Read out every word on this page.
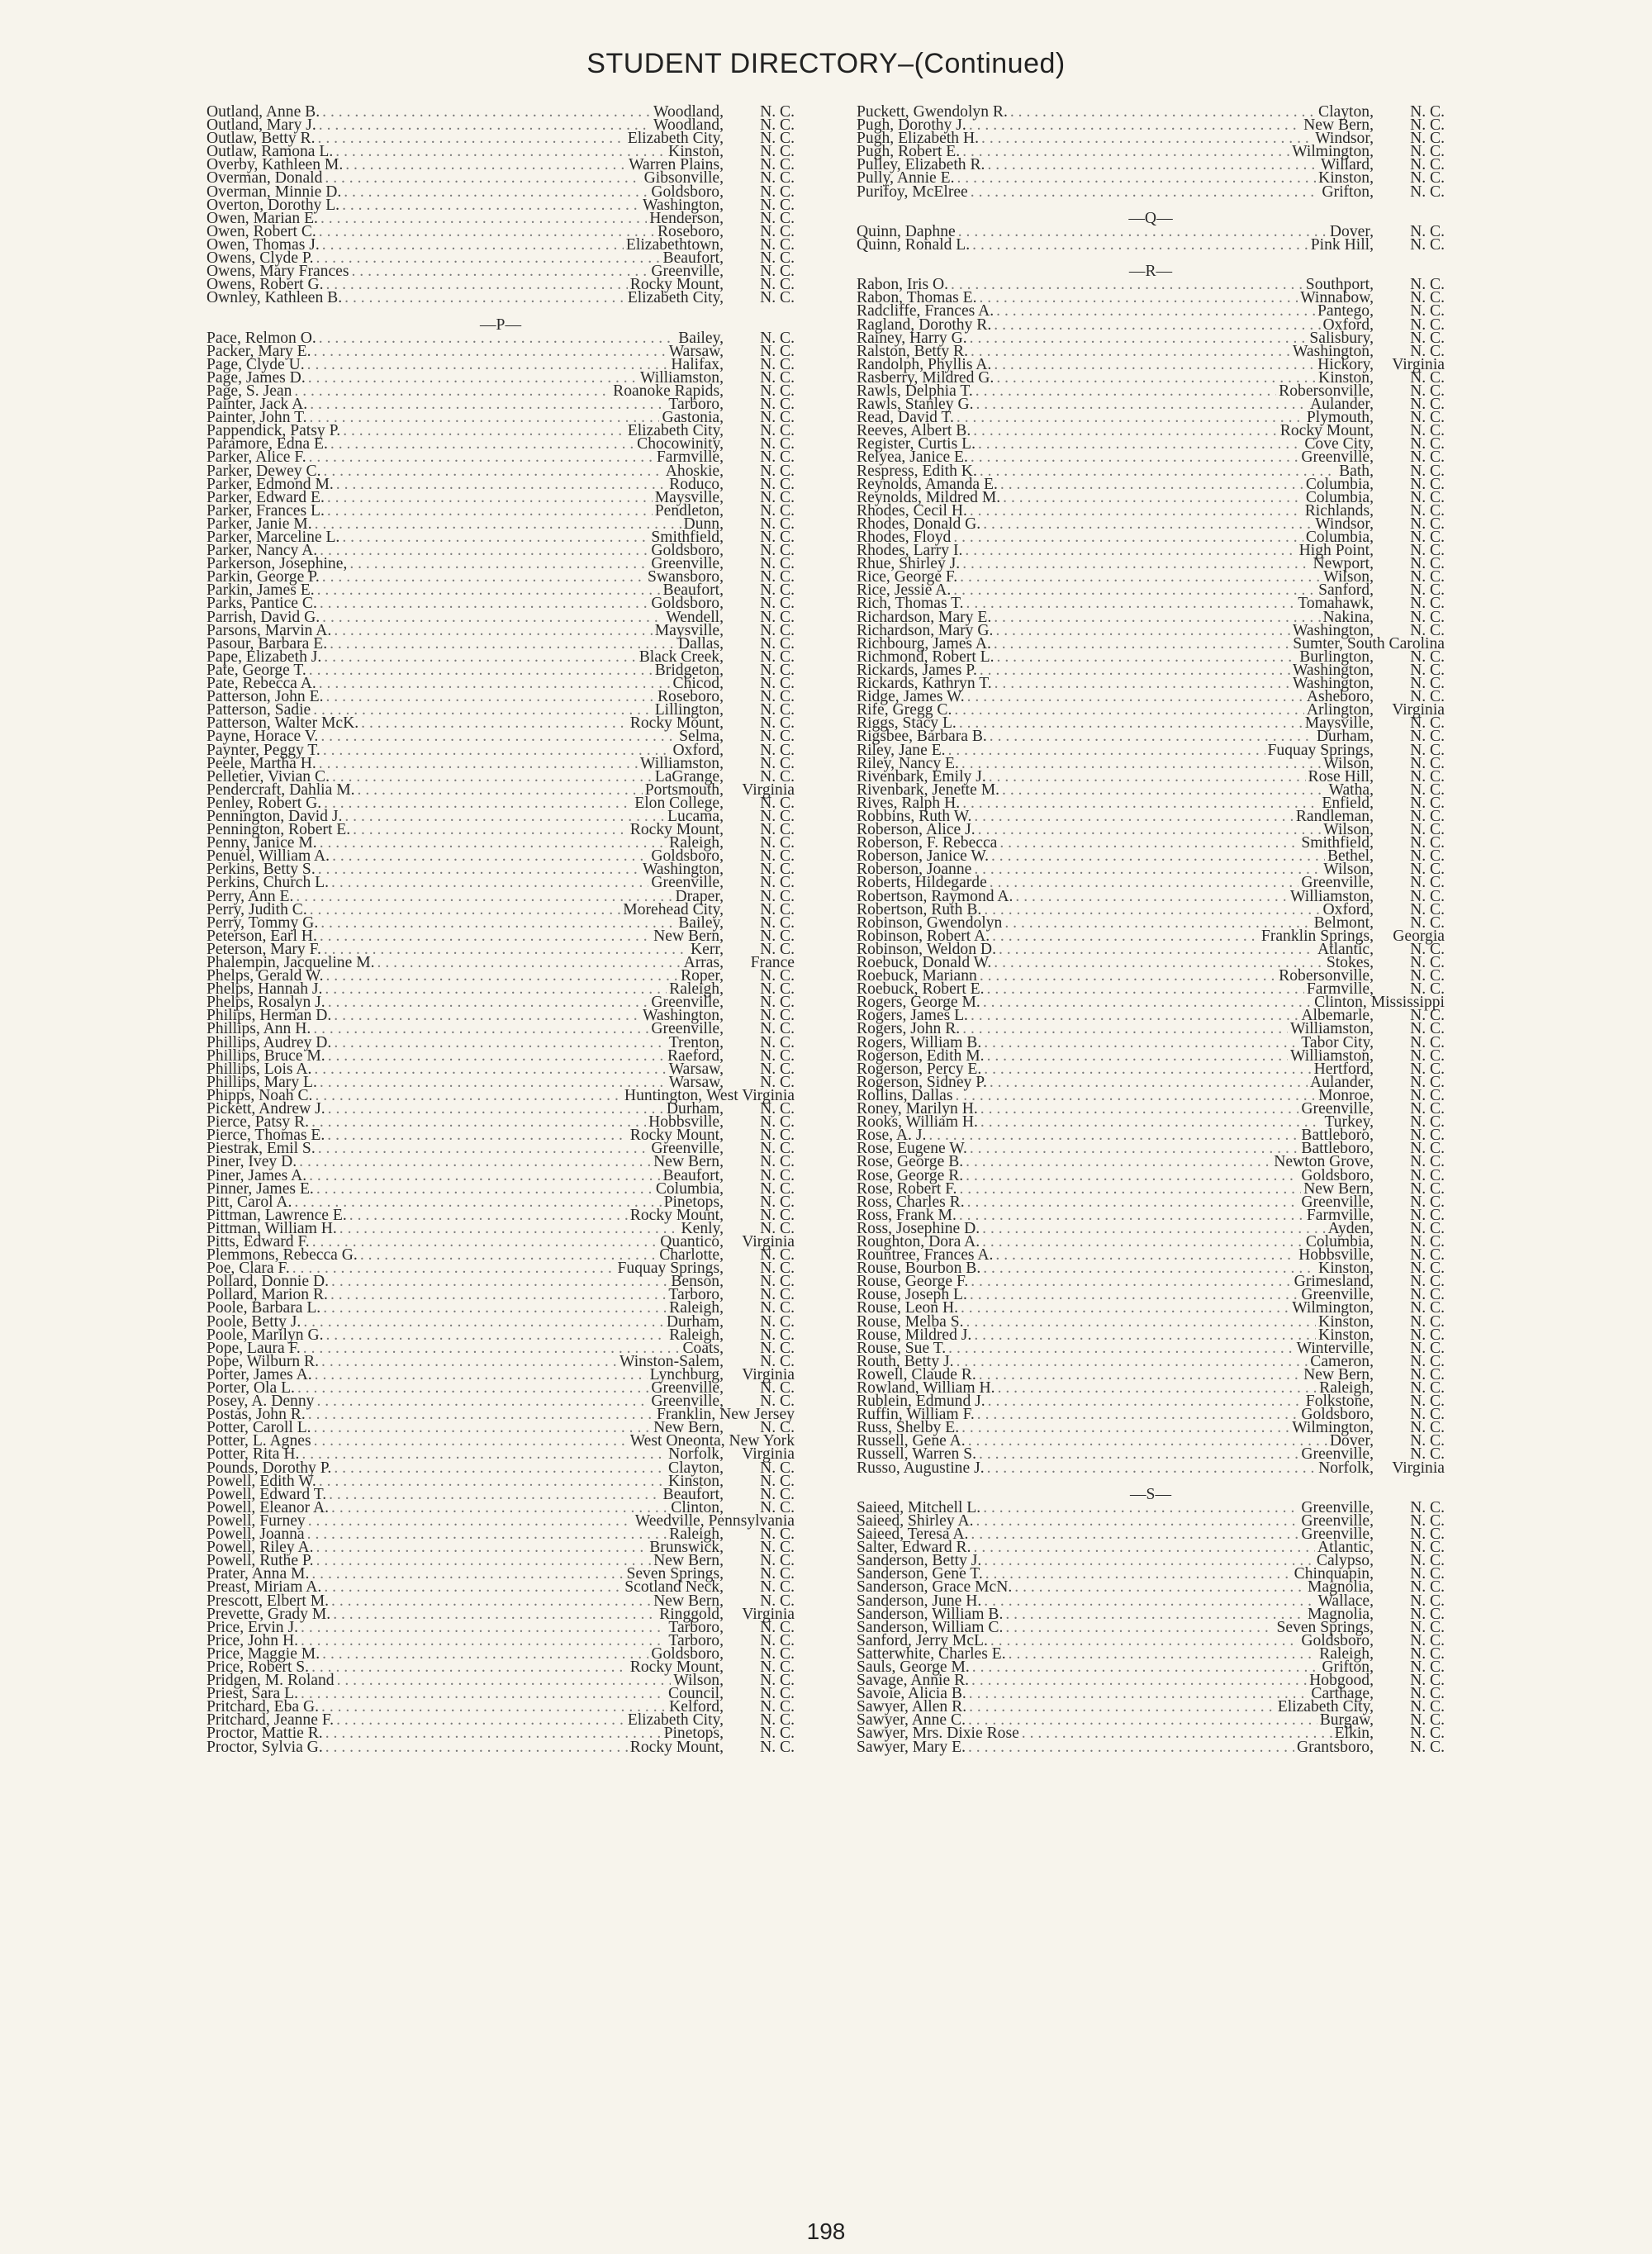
STUDENT DIRECTORY–(Continued)
Outland, Anne B. . . .	Woodland,	N. C.
Outland, Mary J. . . .	Woodland,	N. C.
Outlaw, Betty R. . . .	Elizabeth City,	N. C.
Outlaw, Ramona L. . . .	Kinston,	N. C.
Overby, Kathleen M. . . .	Warren Plains,	N. C.
Overman, Donald . . .	Gibsonville,	N. C.
Overman, Minnie D. . . .	Goldsboro,	N. C.
Overton, Dorothy L. . . .	Washington,	N. C.
Owen, Marian E. . . .	Henderson,	N. C.
Owen, Robert C. . . .	Roseboro,	N. C.
Owen, Thomas J. . . .	Elizabethtown,	N. C.
Owens, Clyde P. . . .	Beaufort,	N. C.
Owens, Mary Frances . . .	Greenville,	N. C.
Owens, Robert G. . . .	Rocky Mount,	N. C.
Ownley, Kathleen B. . . .	Elizabeth City,	N. C.
—P—
Pace, Relmon O. . . .	Bailey,	N. C.
Packer, Mary E. . . .	Warsaw,	N. C.
Page, Clyde U. . . .	Halifax,	N. C.
Page, James D. . . .	Williamston,	N. C.
Page, S. Jean . . .	Roanoke Rapids,	N. C.
Painter, Jack A. . . .	Tarboro,	N. C.
Painter, John T. . . .	Gastonia,	N. C.
Pappendick, Patsy P. . . .	Elizabeth City,	N. C.
Paramore, Edna E. . . .	Chocowinity,	N. C.
Parker, Alice F. . . .	Farmville,	N. C.
Parker, Dewey C. . . .	Ahoskie,	N. C.
Parker, Edmond M. . . .	Roduco,	N. C.
Parker, Edward E. . . .	Maysville,	N. C.
Parker, Frances L. . . .	Pendleton,	N. C.
Parker, Janie M. . . .	Dunn,	N. C.
Parker, Marceline L. . . .	Smithfield,	N. C.
Parker, Nancy A. . . .	Goldsboro,	N. C.
Parkerson, Josephine, . . .	Greenville,	N. C.
Parkin, George P. . . .	Swansboro,	N. C.
Parkin, James E. . . .	Beaufort,	N. C.
Parks, Pantice C. . . .	Goldsboro,	N. C.
Parrish, David G. . . .	Wendell,	N. C.
Parsons, Marvin A. . . .	Maysville,	N. C.
Pasour, Barbara E. . . .	Dallas,	N. C.
Pape, Elizabeth J. . . .	Black Creek,	N. C.
Pate, George T. . . .	Bridgeton,	N. C.
Pate, Rebecca A. . . .	Chicod,	N. C.
Patterson, John E. . . .	Roseboro,	N. C.
Patterson, Sadie . . .	Lillington,	N. C.
Patterson, Walter McK. . . .	Rocky Mount,	N. C.
Payne, Horace V. . . .	Selma,	N. C.
Paynter, Peggy T. . . .	Oxford,	N. C.
Peele, Martha H. . . .	Williamston,	N. C.
Pelletier, Vivian C. . . .	LaGrange,	N. C.
Pendercraft, Dahlia M. . . .	Portsmouth, Virginia
Penley, Robert G. . . .	Elon College,	N. C.
Pennington, David J. . . .	Lucama,	N. C.
Pennington, Robert E. . . .	Rocky Mount,	N. C.
Penny, Janice M. . . .	Raleigh,	N. C.
Penuel, William A. . . .	Goldsboro,	N. C.
Perkins, Betty S. . . .	Washington,	N. C.
Perkins, Church L. . . .	Greenville,	N. C.
Perry, Ann E. . . .	Draper,	N. C.
Perry, Judith C. . . .	Morehead City,	N. C.
Perry, Tommy G. . . .	Bailey,	N. C.
Peterson, Earl H. . . .	New Bern,	N. C.
Peterson, Mary F. . . .	Kerr,	N. C.
Phalempin, Jacqueline M. . . .	Arras,	France
Phelps, Gerald W. . . .	Roper,	N. C.
Phelps, Hannah J. . . .	Raleigh,	N. C.
Phelps, Rosalyn J. . . .	Greenville,	N. C.
Philips, Herman D. . . .	Washington,	N. C.
Phillips, Ann H. . . .	Greenville,	N. C.
Phillips, Audrey D. . . .	Trenton,	N. C.
Phillips, Bruce M. . . .	Raeford,	N. C.
Phillips, Lois A. . . .	Warsaw,	N. C.
Phillips, Mary L. . . .	Warsaw,	N. C.
Phipps, Noah C. . . .	Huntington, West Virginia
Pickett, Andrew J. . . .	Durham,	N. C.
Pierce, Patsy R. . . .	Hobbsville,	N. C.
Pierce, Thomas E. . . .	Rocky Mount,	N. C.
Piestrak, Emil S. . . .	Greenville,	N. C.
Piner, Ivey D. . . .	New Bern,	N. C.
Piner, James A. . . .	Beaufort,	N. C.
Pinner, James E. . . .	Columbia,	N. C.
Pitt, Carol A. . . .	Pinetops,	N. C.
Pittman, Lawrence E. . . .	Rocky Mount,	N. C.
Pittman, William H. . . .	Kenly,	N. C.
Pitts, Edward F. . . .	Quantico, Virginia
Plemmons, Rebecca G. . . .	Charlotte,	N. C.
Poe, Clara F. . . .	Fuquay Springs,	N. C.
Pollard, Donnie D. . . .	Benson,	N. C.
Pollard, Marion R. . . .	Tarboro,	N. C.
Poole, Barbara L. . . .	Raleigh,	N. C.
Poole, Betty J. . . .	Durham,	N. C.
Poole, Marilyn G. . . .	Raleigh,	N. C.
Pope, Laura F. . . .	Coats,	N. C.
Pope, Wilburn R. . . .	Winston-Salem,	N. C.
Porter, James A. . . .	Lynchburg, Virginia
Porter, Ola L. . . .	Greenville,	N. C.
Posey, A. Denny . . .	Greenville,	N. C.
Postas, John R. . . .	Franklin, New Jersey
Potter, Caroll L. . . .	New Bern,	N. C.
Potter, L. Agnes . . .	West Oneonta, New York
Potter, Rita H. . . .	Norfolk, Virginia
Pounds, Dorothy P. . . .	Clayton,	N. C.
Powell, Edith W. . . .	Kinston,	N. C.
Powell, Edward T. . . .	Beaufort,	N. C.
Powell, Eleanor A. . . .	Clinton,	N. C.
Powell, Furney . . .	Weedville, Pennsylvania
Powell, Joanna . . .	Raleigh,	N. C.
Powell, Riley A. . . .	Brunswick,	N. C.
Powell, Ruthe P. . . .	New Bern,	N. C.
Prater, Anna M. . . .	Seven Springs,	N. C.
Preast, Miriam A. . . .	Scotland Neck,	N. C.
Prescott, Elbert M. . . .	New Bern,	N. C.
Prevette, Grady M. . . .	Ringgold, Virginia
Price, Ervin J. . . .	Tarboro,	N. C.
Price, John H. . . .	Tarboro,	N. C.
Price, Maggie M. . . .	Goldsboro,	N. C.
Price, Robert S. . . .	Rocky Mount,	N. C.
Pridgen, M. Roland . . .	Wilson,	N. C.
Priest, Sara L. . . .	Council,	N. C.
Pritchard, Eba G. . . .	Kelford,	N. C.
Pritchard, Jeanne F. . . .	Elizabeth City,	N. C.
Proctor, Mattie R. . . .	Pinetops,	N. C.
Proctor, Sylvia G. . . .	Rocky Mount,	N. C.
Puckett, Gwendolyn R. . . .	Clayton,	N. C.
Pugh, Dorothy J. . . .	New Bern,	N. C.
Pugh, Elizabeth H. . . .	Windsor,	N. C.
Pugh, Robert E. . . .	Wilmington,	N. C.
Pulley, Elizabeth R. . . .	Willard,	N. C.
Pully, Annie E. . . .	Kinston,	N. C.
Purifoy, McElree . . .	Grifton,	N. C.
—Q—
Quinn, Daphne . . .	Dover,	N. C.
Quinn, Ronald L. . . .	Pink Hill,	N. C.
—R—
Rabon, Iris O. . . .	Southport,	N. C.
Rabon, Thomas E. . . .	Winnabow,	N. C.
Radcliffe, Frances A. . . .	Pantego,	N. C.
Ragland, Dorothy R. . . .	Oxford,	N. C.
Rainey, Harry G. . . .	Salisbury,	N. C.
Ralston, Betty R. . . .	Washington,	N. C.
Randolph, Phyllis A. . . .	Hickory, Virginia
Rasberry, Mildred G. . . .	Kinston,	N. C.
Rawls, Delphia T. . . .	Robersonville,	N. C.
Rawls, Stanley G. . . .	Aulander,	N. C.
Read, David T. . . .	Plymouth,	N. C.
Reeves, Albert B. . . .	Rocky Mount,	N. C.
Register, Curtis L. . . .	Cove City,	N. C.
Relyea, Janice E. . . .	Greenville,	N. C.
Respress, Edith K. . . .	Bath,	N. C.
Reynolds, Amanda E. . . .	Columbia,	N. C.
Reynolds, Mildred M. . . .	Columbia,	N. C.
Rhodes, Cecil H. . . .	Richlands,	N. C.
Rhodes, Donald G. . . .	Windsor,	N. C.
Rhodes, Floyd . . .	Columbia,	N. C.
Rhodes, Larry I. . . .	High Point,	N. C.
Rhue, Shirley J. . . .	Newport,	N. C.
Rice, George F. . . .	Wilson,	N. C.
Rice, Jessie A. . . .	Sanford,	N. C.
Rich, Thomas T. . . .	Tomahawk,	N. C.
Richardson, Mary E. . . .	Nakina,	N. C.
Richardson, Mary G. . . .	Washington,	N. C.
Richbourg, James A. . . .	Sumter, South Carolina
Richmond, Robert L. . . .	Burlington,	N. C.
Rickards, James P. . . .	Washington,	N. C.
Rickards, Kathryn T. . . .	Washington,	N. C.
Ridge, James W. . . .	Asheboro,	N. C.
Rife, Gregg C. . . .	Arlington, Virginia
Riggs, Stacy L. . . .	Maysville,	N. C.
Rigsbee, Barbara B. . . .	Durham,	N. C.
Riley, Jane E. . . .	Fuquay Springs,	N. C.
Riley, Nancy E. . . .	Wilson,	N. C.
Rivenbark, Emily J. . . .	Rose Hill,	N. C.
Rivenbark, Jenette M. . . .	Watha,	N. C.
Rives, Ralph H. . . .	Enfield,	N. C.
Robbins, Ruth W. . . .	Randleman,	N. C.
Roberson, Alice J. . . .	Wilson,	N. C.
Roberson, F. Rebecca . . .	Smithfield,	N. C.
Roberson, Janice W. . . .	Bethel,	N. C.
Roberson, Joanne . . .	Wilson,	N. C.
Roberts, Hildegarde . . .	Greenville,	N. C.
Robertson, Raymond A. . . .	Williamston,	N. C.
Robertson, Ruth B. . . .	Oxford,	N. C.
Robinson, Gwendolyn . . .	Belmont,	N. C.
Robinson, Robert A. . . .	Franklin Springs, Georgia
Robinson, Weldon D. . . .	Atlantic,	N. C.
Roebuck, Donald W. . . .	Stokes,	N. C.
Roebuck, Mariann . . .	Robersonville,	N. C.
Roebuck, Robert E. . . .	Farmville,	N. C.
Rogers, George M. . . .	Clinton, Mississippi
Rogers, James L. . . .	Albemarle,	N. C.
Rogers, John R. . . .	Williamston,	N. C.
Rogers, William B. . . .	Tabor City,	N. C.
Rogerson, Edith M. . . .	Williamston,	N. C.
Rogerson, Percy E. . . .	Hertford,	N. C.
Rogerson, Sidney P. . . .	Aulander,	N. C.
Rollins, Dallas . . .	Monroe,	N. C.
Roney, Marilyn H. . . .	Greenville,	N. C.
Rooks, William H. . . .	Turkey,	N. C.
Rose, A. J. . . .	Battleboro,	N. C.
Rose, Eugene W. . . .	Battleboro,	N. C.
Rose, George B. . . .	Newton Grove,	N. C.
Rose, George R. . . .	Goldsboro,	N. C.
Rose, Robert F. . . .	New Bern,	N. C.
Ross, Charles R. . . .	Greenville,	N. C.
Ross, Frank M. . . .	Farmville,	N. C.
Ross, Josephine D. . . .	Ayden,	N. C.
Roughton, Dora A. . . .	Columbia,	N. C.
Rountree, Frances A. . . .	Hobbsville,	N. C.
Rouse, Bourbon B. . . .	Kinston,	N. C.
Rouse, George F. . . .	Grimesland,	N. C.
Rouse, Joseph L. . . .	Greenville,	N. C.
Rouse, Leon H. . . .	Wilmington,	N. C.
Rouse, Melba S. . . .	Kinston,	N. C.
Rouse, Mildred J. . . .	Kinston,	N. C.
Rouse, Sue T. . . .	Winterville,	N. C.
Routh, Betty J. . . .	Cameron,	N. C.
Rowell, Claude R. . . .	New Bern,	N. C.
Rowland, William H. . . .	Raleigh,	N. C.
Rublein, Edmund J. . . .	Folkstone,	N. C.
Ruffin, William F. . . .	Goldsboro,	N. C.
Russ, Shelby E. . . .	Wilmington,	N. C.
Russell, Gene A. . . .	Dover,	N. C.
Russell, Warren S. . . .	Greenville,	N. C.
Russo, Augustine J. . . .	Norfolk, Virginia
—S—
Saieed, Mitchell L. . . .	Greenville,	N. C.
Saieed, Shirley A. . . .	Greenville,	N. C.
Saieed, Teresa A. . . .	Greenville,	N. C.
Salter, Edward R. . . .	Atlantic,	N. C.
Sanderson, Betty J. . . .	Calypso,	N. C.
Sanderson, Gene T. . . .	Chinquapin,	N. C.
Sanderson, Grace McN. . . .	Magnolia,	N. C.
Sanderson, June H. . . .	Wallace,	N. C.
Sanderson, William B. . . .	Magnolia,	N. C.
Sanderson, William C. . . .	Seven Springs,	N. C.
Sanford, Jerry McL. . . .	Goldsboro,	N. C.
Satterwhite, Charles E. . . .	Raleigh,	N. C.
Sauls, George M. . . .	Grifton,	N. C.
Savage, Annie R. . . .	Hobgood,	N. C.
Savoie, Alicia B. . . .	Carthage,	N. C.
Sawyer, Allen R. . . .	Elizabeth City,	N. C.
Sawyer, Anne C. . . .	Burgaw,	N. C.
Sawyer, Mrs. Dixie Rose . . .	Elkin,	N. C.
Sawyer, Mary E. . . .	Grantsboro,	N. C.
198
